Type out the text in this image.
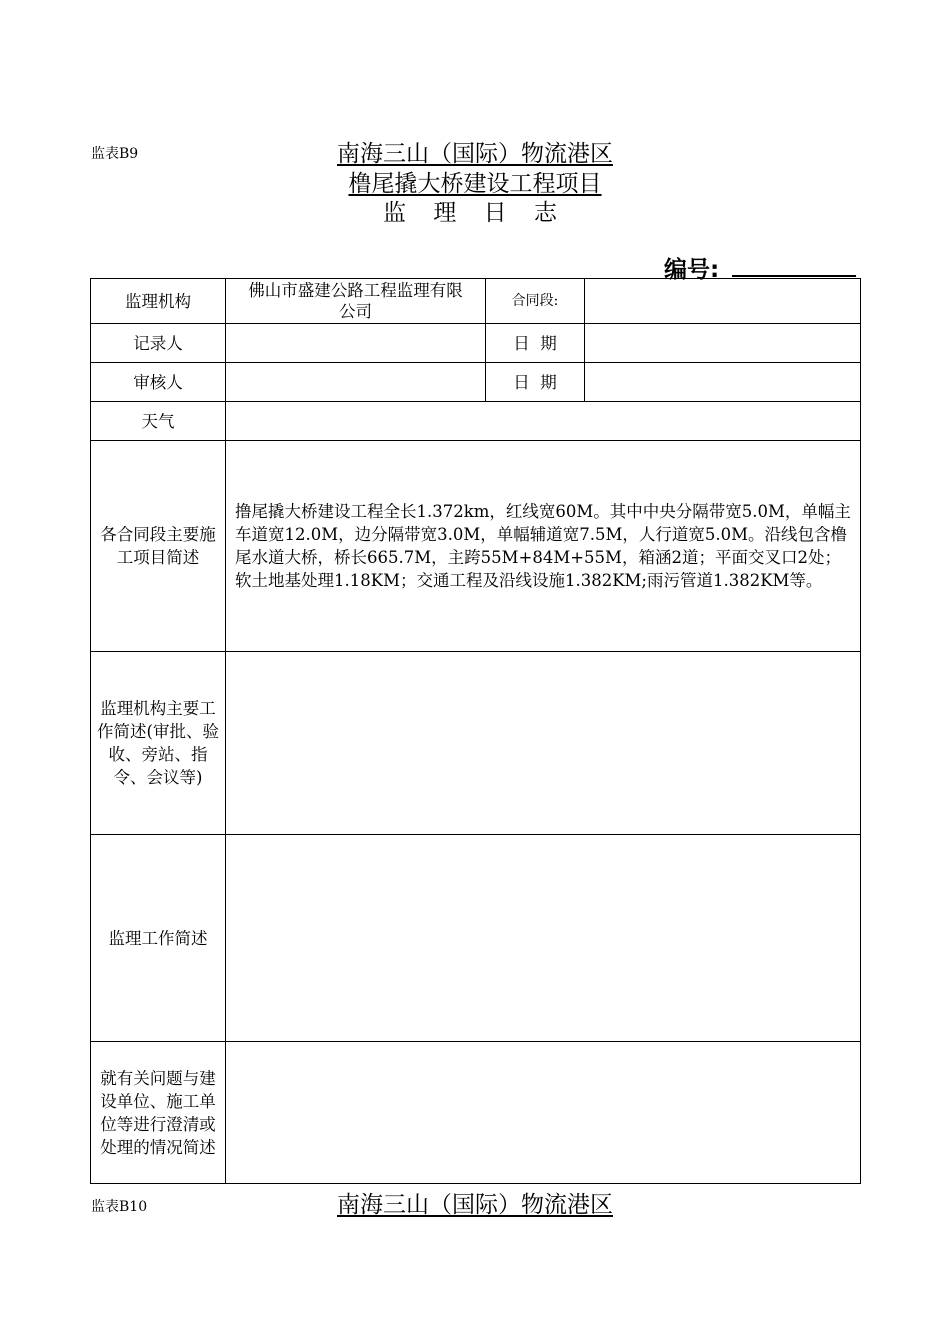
监表B9	南海三山（国际）物流港区
橹尾撬大桥建设工程项目
监 理 日 志
编号:
监理机构	佛山市盛建公路工程监理有限公司	合同段:	
记录人		日  期	
审核人		日  期	
天气			

各合同段主要施工项目简述	撸尾撬大桥建设工程全长1.372km，红线宽60M。其中中央分隔带宽5.0M，单幅主车道宽12.0M，边分隔带宽3.0M，单幅辅道宽7.5M，人行道宽5.0M。沿线包含橹尾水道大桥，桥长665.7M，主跨55M+84M+55M，箱涵2道；平面交叉口2处；软土地基处理1.18KM；交通工程及沿线设施1.382KM;雨污管道1.382KM等。		

监理机构主要工作简述(审批、验收、旁站、指令、会议等)			

监理工作简述			

就有关问题与建设单位、施工单位等进行澄清或处理的情况简述			

监表B10	南海三山（国际）物流港区
